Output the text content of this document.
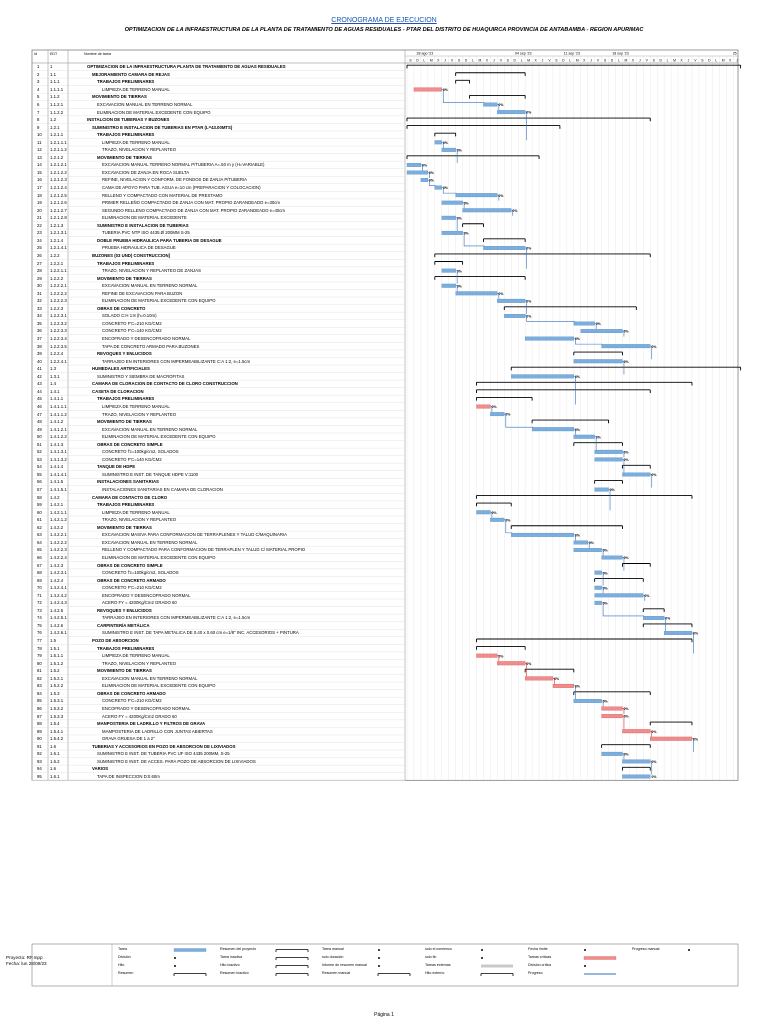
CRONOGRAMA DE EJECUCION
OPTIMIZACION DE LA INFRAESTRUCTURA DE LA PLANTA DE TRATAMIENTO DE AGUAS RESIDUALES - PTAR DEL DISTRITO DE HUAQUIRCA PROVINCIA DE ANTABAMBA - REGION APURIMAC
Id	EDT	Nombre de tarea	28 ago '23	04 sep '23	11 sep '23	18 sep '23	25
S D L M X J V S D L M X J V S D L M X J V S D L M X J V S D L M X J V S D L M X J V S D L M X J
0%
0%
0%
0%
0%
0%
0%
0%
0%
0%
0%
0%
0%
0%
0%
0%
0%
0%
0%
0%
0%
0%
0%
0%
0%
0%
0%
0%
0%
0%
0%
0%
0%
0%
0%
0%
0%
0%
0%
0%
0%
0%
0%
0%
0%
0%
0%
0%
0%
0%
0%
0%
0%
0%
0%
0%
0%
0%
1 1	OPTIMIZACION DE LA INFRAESTRUCTURA PLANTA DE TRATAMIENTO DE AGUAS RESIDUALES
2 1.1	MEJORAMIENTO CAMARA DE REJAS
3 1.1.1	TRABAJOS PRELIMINARES
4 1.1.1.1	LIMPIEZA DE TERRENO MANUAL
5 1.1.2	MOVIMIENTO DE TIERRAS
6 1.1.2.1	EXCAVACION MANUAL EN TERRENO NORMAL
7 1.1.2.2	ELIMINACION DE MATERIAL EXCEDENTE CON EQUIPO
8 1.2	INSTALCION DE TUBERIAS Y BUZONES
9 1.2.1	SUMINISTRO E INSTALACION DE TUBERIAS EN PTAR (L=43.00MTS)
10 1.2.1.1	TRABAJOS PRELIMINARES
11 1.2.1.1.1	LIMPIEZA DE TERRENO MANUAL
12 1.2.1.1.2	TRAZO, NIVELACION Y REPLANTEO
13 1.2.1.2	MOVIMIENTO DE TIERRAS
14 1.2.1.2.1	EXCAVACION MANUAL TERRENO NORMAL P/TUBERIA A=.50 m y (H=VARIABLE)
15 1.2.1.2.2	EXCAVACION DE ZANJA EN ROCA SUELTA
16 1.2.1.2.3	REFINE, NIVELACION Y CONFORM. DE FONDOS DE ZANJA P/TUBERIA
17 1.2.1.2.4	CAMA DE APOYO PARA TUB. AGUA e=10 cm (PREPARACION Y COLOCACION)
18 1.2.1.2.5	RELLENO Y COMPACTADO CON MATERIAL DE PRESTAMO
19 1.2.1.2.6	PRIMER RELLEÑO COMPACTADO DE ZANJA CON MAT. PROPIO ZARANDEADO e=30cm
20 1.2.1.2.7	SEGUNDO RELLENO COMPACTADO DE ZANJA CON MAT. PROPIO ZARANDEADO e=40cm
21 1.2.1.2.8	ELIMINACION DE MATERIAL EXCEDENTE
22 1.2.1.3	SUMINISTRO E INSTALACION DE TUBERIAS
23 1.2.1.3.1	TUBERIA PVC NTP ISO 4435 Ø 200MM S-25
24 1.2.1.4	DOBLE PRUEBA HIDRAULICA PARA TUBERIA DE DESAGUE
25 1.2.1.4.1	PRUEBA HIDRAULICA DE DESAGUE
26 1.2.2	BUZONES (03 UND) CONSTRUCCION]
27 1.2.2.1	TRABAJOS PRELIMINARES
28 1.2.2.1.1	TRAZO, NIVELACION Y REPLANTEO DE ZANJAS
29 1.2.2.2	MOVIMIENTO DE TIERRAS
30 1.2.2.2.1	EXCAVACION MANUAL EN TERRENO NORMAL
31 1.2.2.2.2	REFINE DE EXCAVACION PARA BUZON
32 1.2.2.2.3	ELIMINACION DE MATERIAL EXCEDENTE CON EQUIPO
33 1.2.2.3	OBRAS DE CONCRETO
34 1.2.2.3.1	SOLADO C:H 1:8 (h=0.10m)
35 1.2.2.3.2	CONCRETO F'C=210 KG/CM2
36 1.2.2.3.3	CONCRETO F'C=140 KG/CM2
37 1.2.2.3.4	ENCOFRADO Y DESENCOFRADO NORMAL
38 1.2.2.3.5	TAPA DE CONCRETO ARMADO PARA BUZONES
39 1.2.2.4	REVOQUES Y ENLUCIDOS
40 1.2.2.4.1	TARRAJEO EN INTERIORES CON IMPERMEABILIZANTE C:A 1:2, e=1.5cm
41 1.3	HUMEDALES ARTIFICIALES
42 1.3.1	SUMINISTRO Y SIEMBRA DE MACROFITAS
43 1.4	CAMARA DE CLORACION DE CONTACTO DE CLORO CONSTRUCCION
44 1.4.1	CASETA DE CLORACION
45 1.4.1.1	TRABAJOS PRELIMINARES
46 1.4.1.1.1	LIMPIEZA DE TERRENO MANUAL
47 1.4.1.1.2	TRAZO, NIVELACION Y REPLANTEO
48 1.4.1.2	MOVIMIENTO DE TIERRAS
49 1.4.1.2.1	EXCAVACION MANUAL EN TERRENO NORMAL
50 1.4.1.2.2	ELIMINACION DE MATERIAL EXCEDENTE CON EQUIPO
51 1.4.1.3	OBRAS DE CONCRETO SIMPLE
52 1.4.1.3.1	CONCRETO f'c=100kg/cm2, SOLADOS
53 1.4.1.3.2	CONCRETO F'C=140 KG/CM2
54 1.4.1.4	TANQUE DE HDPE
55 1.4.1.4.1	SUMINISTRO E INST. DE TANQUE HDPE V:1100
56 1.4.1.5	INSTALACIONES SANITARIAS
57 1.4.1.5.1	INSTALACIONES SANITARIAS EN CAMARA DE CLORACION
58 1.4.2	CAMARA DE CONTACTO DE CLORO
59 1.4.2.1	TRABAJOS PRELIMINARES
60 1.4.2.1.1	LIMPIEZA DE TERRENO MANUAL
61 1.4.2.1.2	TRAZO, NIVELACION Y REPLANTEO
62 1.4.2.2	MOVIMIENTO DE TIERRAS
63 1.4.2.2.1	EXCAVACION MASIVA PARA CONFORMACION DE TERRAPLENES Y TALUD C/MAQUINARIA
64 1.4.2.2.2	EXCAVACION MANUAL EN TERRENO NORMAL
65 1.4.2.2.3	RELLENO Y COMPACTADO PARA CONFORMACION DE TERRAPLEN Y TALUD C/ MATERIAL PROPIO
66 1.4.2.2.4	ELIMINACION DE MATERIAL EXCEDENTE CON EQUIPO
67 1.4.2.3	OBRAS DE CONCRETO SIMPLE
68 1.4.2.3.1	CONCRETO f'c=100kg/cm2, SOLADOS
69 1.4.2.4	OBRAS DE CONCRETO ARMADO
70 1.4.2.4.1	CONCRETO F'C=210 KG/CM2
71 1.4.2.4.2	ENCOFRADO Y DESENCOFRADO NORMAL
72 1.4.2.4.3	ACERO FY = 4200Kg/Cm2 GRADO 60
73 1.4.2.5	REVOQUES Y ENLUCIDOS
74 1.4.2.5.1	TARRAJEO EN INTERIORES CON IMPERMEABILIZANTE C:A 1:2, e=1.5cm
75 1.4.2.6	CARPINTERÍA METÁLICA
76 1.4.2.6.1	SUMINISTRO E INST. DE TAPA METALICA DE 0.40 x 0.60 cm e=1/8" INC. ACCESORIOS + PINTURA
77 1.5	POZO DE ABSORCION
78 1.5.1	TRABAJOS PRELIMINARES
79 1.5.1.1	LIMPIEZA DE TERRENO MANUAL
80 1.5.1.2	TRAZO, NIVELACION Y REPLANTEO
81 1.5.2	MOVIMIENTO DE TIERRAS
82 1.5.2.1	EXCAVACION MANUAL EN TERRENO NORMAL
83 1.5.2.2	ELIMINACION DE MATERIAL EXCEDENTE CON EQUIPO
84 1.5.3	OBRAS DE CONCRETO ARMADO
85 1.5.3.1	CONCRETO F'C=210 KG/CM2
86 1.5.3.2	ENCOFRADO Y DESENCOFRADO NORMAL
87 1.5.3.3	ACERO FY = 4200Kg/Cm2 GRADO 60
88 1.5.4	MANPOSTERIA DE LADRILLO Y FILTROS DE GRAVA
89 1.5.4.1	MAMPOSTERIA DE LADRILLO CON JUNTAS ABIERTAS
90 1.5.4.2	GRAVA GRUESA DE 1 a 2"
91 1.6	TUBERIAS Y ACCESORIOS EN POZO DE ABSORCION DE LIXIVIADOS
92 1.6.1	SUMINISTRO E INST. DE TUBERIA PVC UF ISO 4435 200MM, S-25
93 1.6.2	SUMINISTRO E INST. DE ACCES. PARA POZO DE ABSORCION DE LIXIVIADOS
94 1.6	VARIOS
95 1.6.1	TAPA DE INSPECCION D:0.60m
Proyecto: RF.mpp
Fecha: lun 28/08/23
Tarea	Resumen del proyecto	Tarea manual	solo el comienzo	Fecha límite	Progreso manual
División	Tarea inactiva	solo duración	solo fin	Tareas críticas
Hito	Hito inactivo	Informe de resumen manual	Tareas externas	División crítica
Resumen	Resumen inactivo	Resumen manual	Hito externo	Progreso
Página 1
